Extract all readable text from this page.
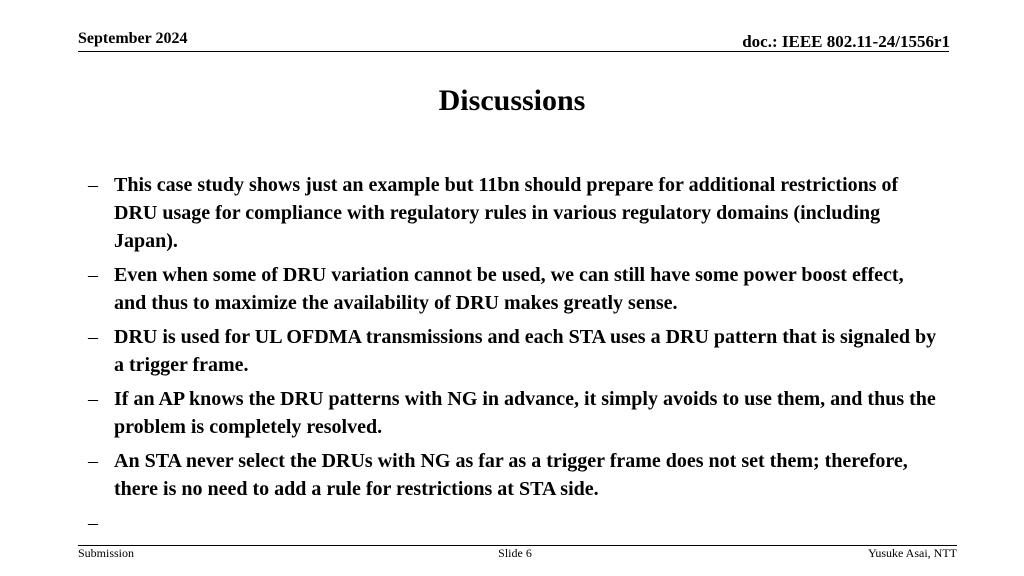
September 2024	doc.: IEEE 802.11-24/1556r1
Discussions
– This case study shows just an example but 11bn should prepare for additional restrictions of DRU usage for compliance with regulatory rules in various regulatory domains (including Japan).
– Even when some of DRU variation cannot be used, we can still have some power boost effect, and thus to maximize the availability of DRU makes greatly sense.
– DRU is used for UL OFDMA transmissions and each STA uses a DRU pattern that is signaled by a trigger frame.
– If an AP knows the DRU patterns with NG in advance, it simply avoids to use them, and thus the problem is completely resolved.
– An STA never select the DRUs with NG as far as a trigger frame does not set them; therefore, there is no need to add a rule for restrictions at STA side.
–
Submission	Slide 6	Yusuke Asai, NTT
